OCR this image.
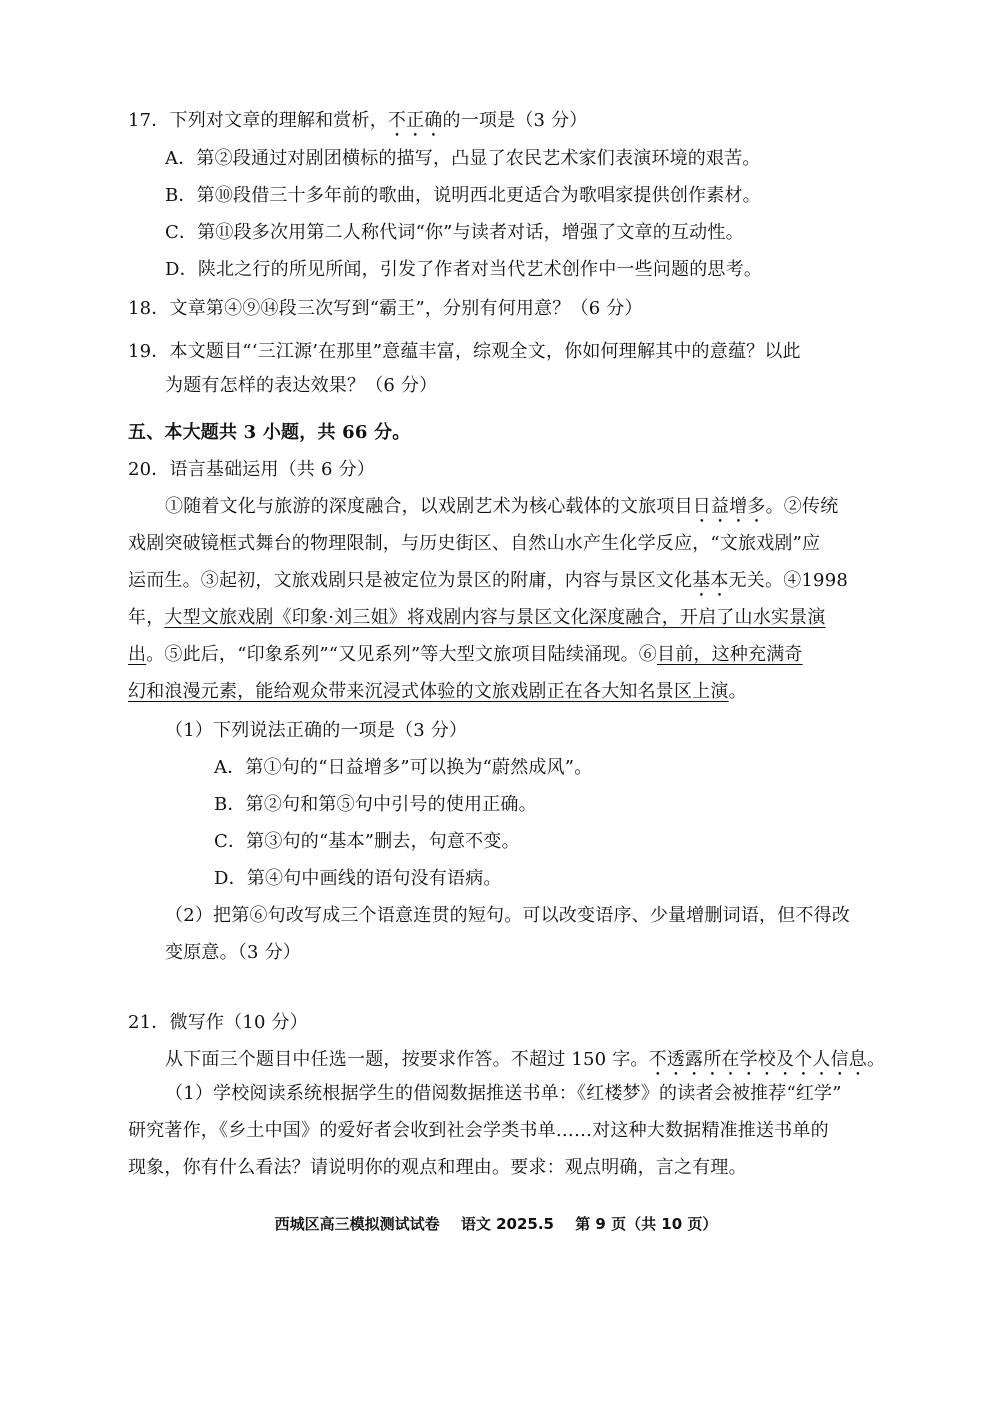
17．下列对文章的理解和赏析，不正确的一项是（3 分）
A．第②段通过对剧团横标的描写，凸显了农民艺术家们表演环境的艰苦。
B．第⑩段借三十多年前的歌曲，说明西北更适合为歌唱家提供创作素材。
C．第⑪段多次用第二人称代词“你”与读者对话，增强了文章的互动性。
D．陕北之行的所见所闻，引发了作者对当代艺术创作中一些问题的思考。
18．文章第④⑨⑭段三次写到“霸王”，分别有何用意？（6 分）
19．本文题目“‘三江源’在那里”意蕴丰富，综观全文，你如何理解其中的意蕴？以此
为题有怎样的表达效果？（6 分）
五、本大题共 3 小题，共 66 分。
20．语言基础运用（共 6 分）
①随着文化与旅游的深度融合，以戏剧艺术为核心载体的文旅项目日益增多。②传统
戏剧突破镜框式舞台的物理限制，与历史街区、自然山水产生化学反应，“文旅戏剧”应
运而生。③起初，文旅戏剧只是被定位为景区的附庸，内容与景区文化基本无关。④1998
年，大型文旅戏剧《印象·刘三姐》将戏剧内容与景区文化深度融合，开启了山水实景演
出。⑤此后，“印象系列”“又见系列”等大型文旅项目陆续涌现。⑥目前，这种充满奇
幻和浪漫元素，能给观众带来沉浸式体验的文旅戏剧正在各大知名景区上演。
（1）下列说法正确的一项是（3 分）
A．第①句的“日益增多”可以换为“蔚然成风”。
B．第②句和第⑤句中引号的使用正确。
C．第③句的“基本”删去，句意不变。
D．第④句中画线的语句没有语病。
（2）把第⑥句改写成三个语意连贯的短句。可以改变语序、少量增删词语，但不得改
变原意。（3 分）
21．微写作（10 分）
从下面三个题目中任选一题，按要求作答。不超过 150 字。不透露所在学校及个人信息。
（1）学校阅读系统根据学生的借阅数据推送书单：《红楼梦》的读者会被推荐“红学”
研究著作，《乡土中国》的爱好者会收到社会学类书单……对这种大数据精准推送书单的
现象，你有什么看法？请说明你的观点和理由。要求：观点明确，言之有理。
西城区高三模拟测试试卷 语文 2025.5 第 9 页（共 10 页）
